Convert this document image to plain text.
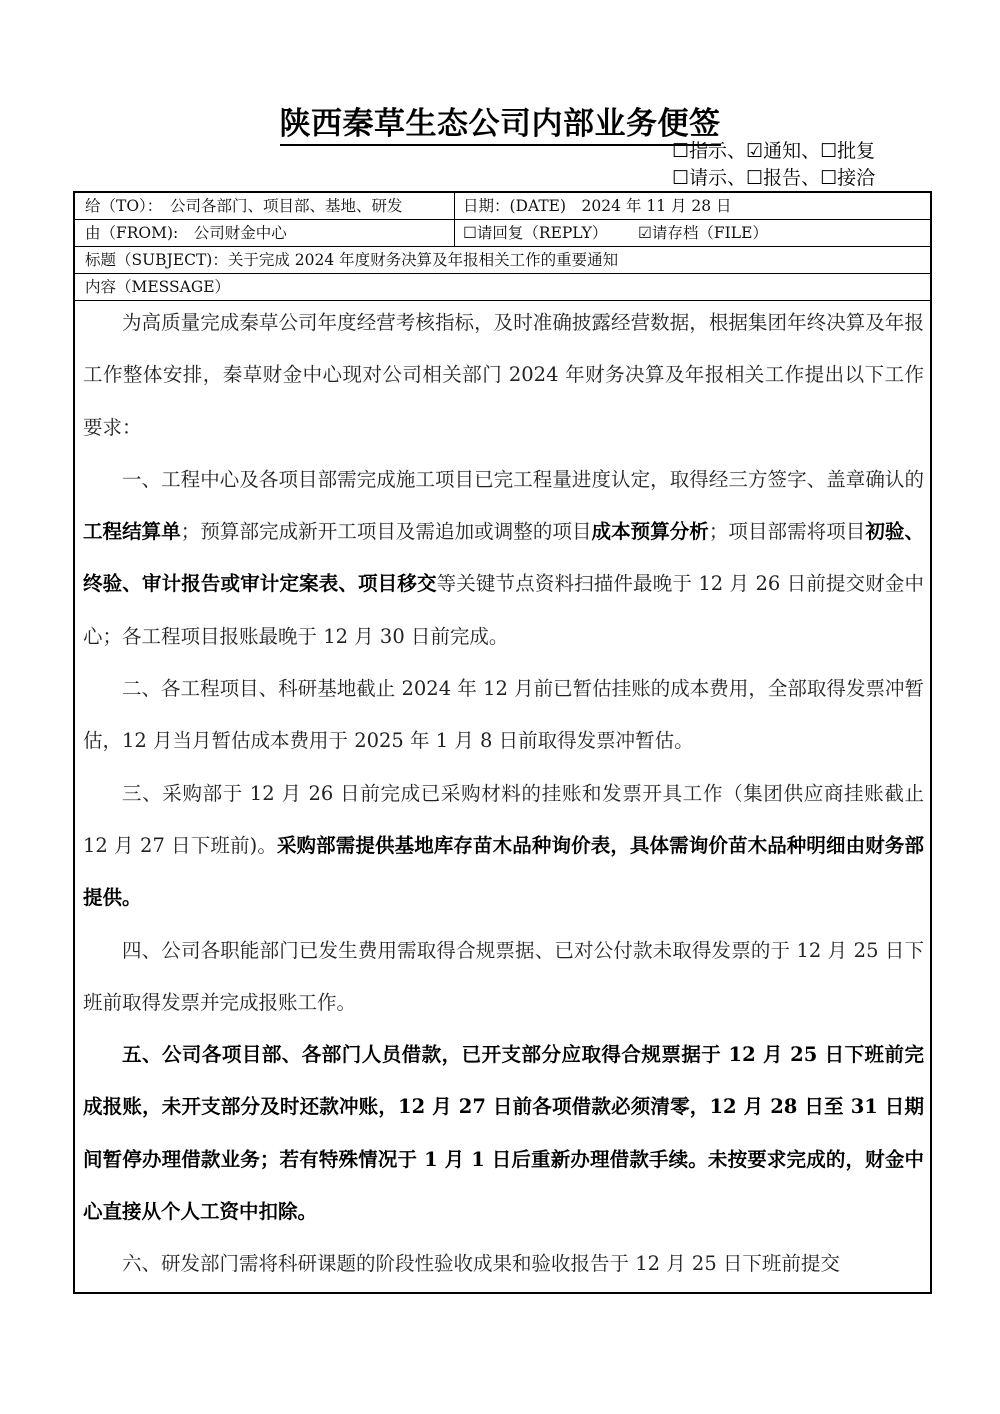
陕西秦草生态公司内部业务便签
☐指示、☑通知、☐批复
☐请示、☐报告、☐接洽
给（TO）：　公司各部门、项目部、基地、研发	日期：(DATE)　2024 年 11 月 28 日
由（FROM):　公司财金中心	☐请回复（REPLY） ☑请存档（FILE）
标题（SUBJECT)：关于完成 2024 年度财务决算及年报相关工作的重要通知
内容（MESSAGE）

为高质量完成秦草公司年度经营考核指标，及时准确披露经营数据，根据集团年终决算及年报工作整体安排，秦草财金中心现对公司相关部门 2024 年财务决算及年报相关工作提出以下工作要求：

一、工程中心及各项目部需完成施工项目已完工程量进度认定，取得经三方签字、盖章确认的工程结算单；预算部完成新开工项目及需追加或调整的项目成本预算分析；项目部需将项目初验、终验、审计报告或审计定案表、项目移交等关键节点资料扫描件最晚于 12 月 26 日前提交财金中心；各工程项目报账最晚于 12 月 30 日前完成。

二、各工程项目、科研基地截止 2024 年 12 月前已暂估挂账的成本费用，全部取得发票冲暂估，12 月当月暂估成本费用于 2025 年 1 月 8 日前取得发票冲暂估。

三、采购部于 12 月 26 日前完成已采购材料的挂账和发票开具工作（集团供应商挂账截止 12 月 27 日下班前)。采购部需提供基地库存苗木品种询价表，具体需询价苗木品种明细由财务部提供。

四、公司各职能部门已发生费用需取得合规票据、已对公付款未取得发票的于 12 月 25 日下班前取得发票并完成报账工作。

五、公司各项目部、各部门人员借款，已开支部分应取得合规票据于 12 月 25 日下班前完成报账，未开支部分及时还款冲账，12 月 27 日前各项借款必须清零，12 月 28 日至 31 日期间暂停办理借款业务；若有特殊情况于 1 月 1 日后重新办理借款手续。未按要求完成的，财金中心直接从个人工资中扣除。

六、研发部门需将科研课题的阶段性验收成果和验收报告于 12 月 25 日下班前提交
